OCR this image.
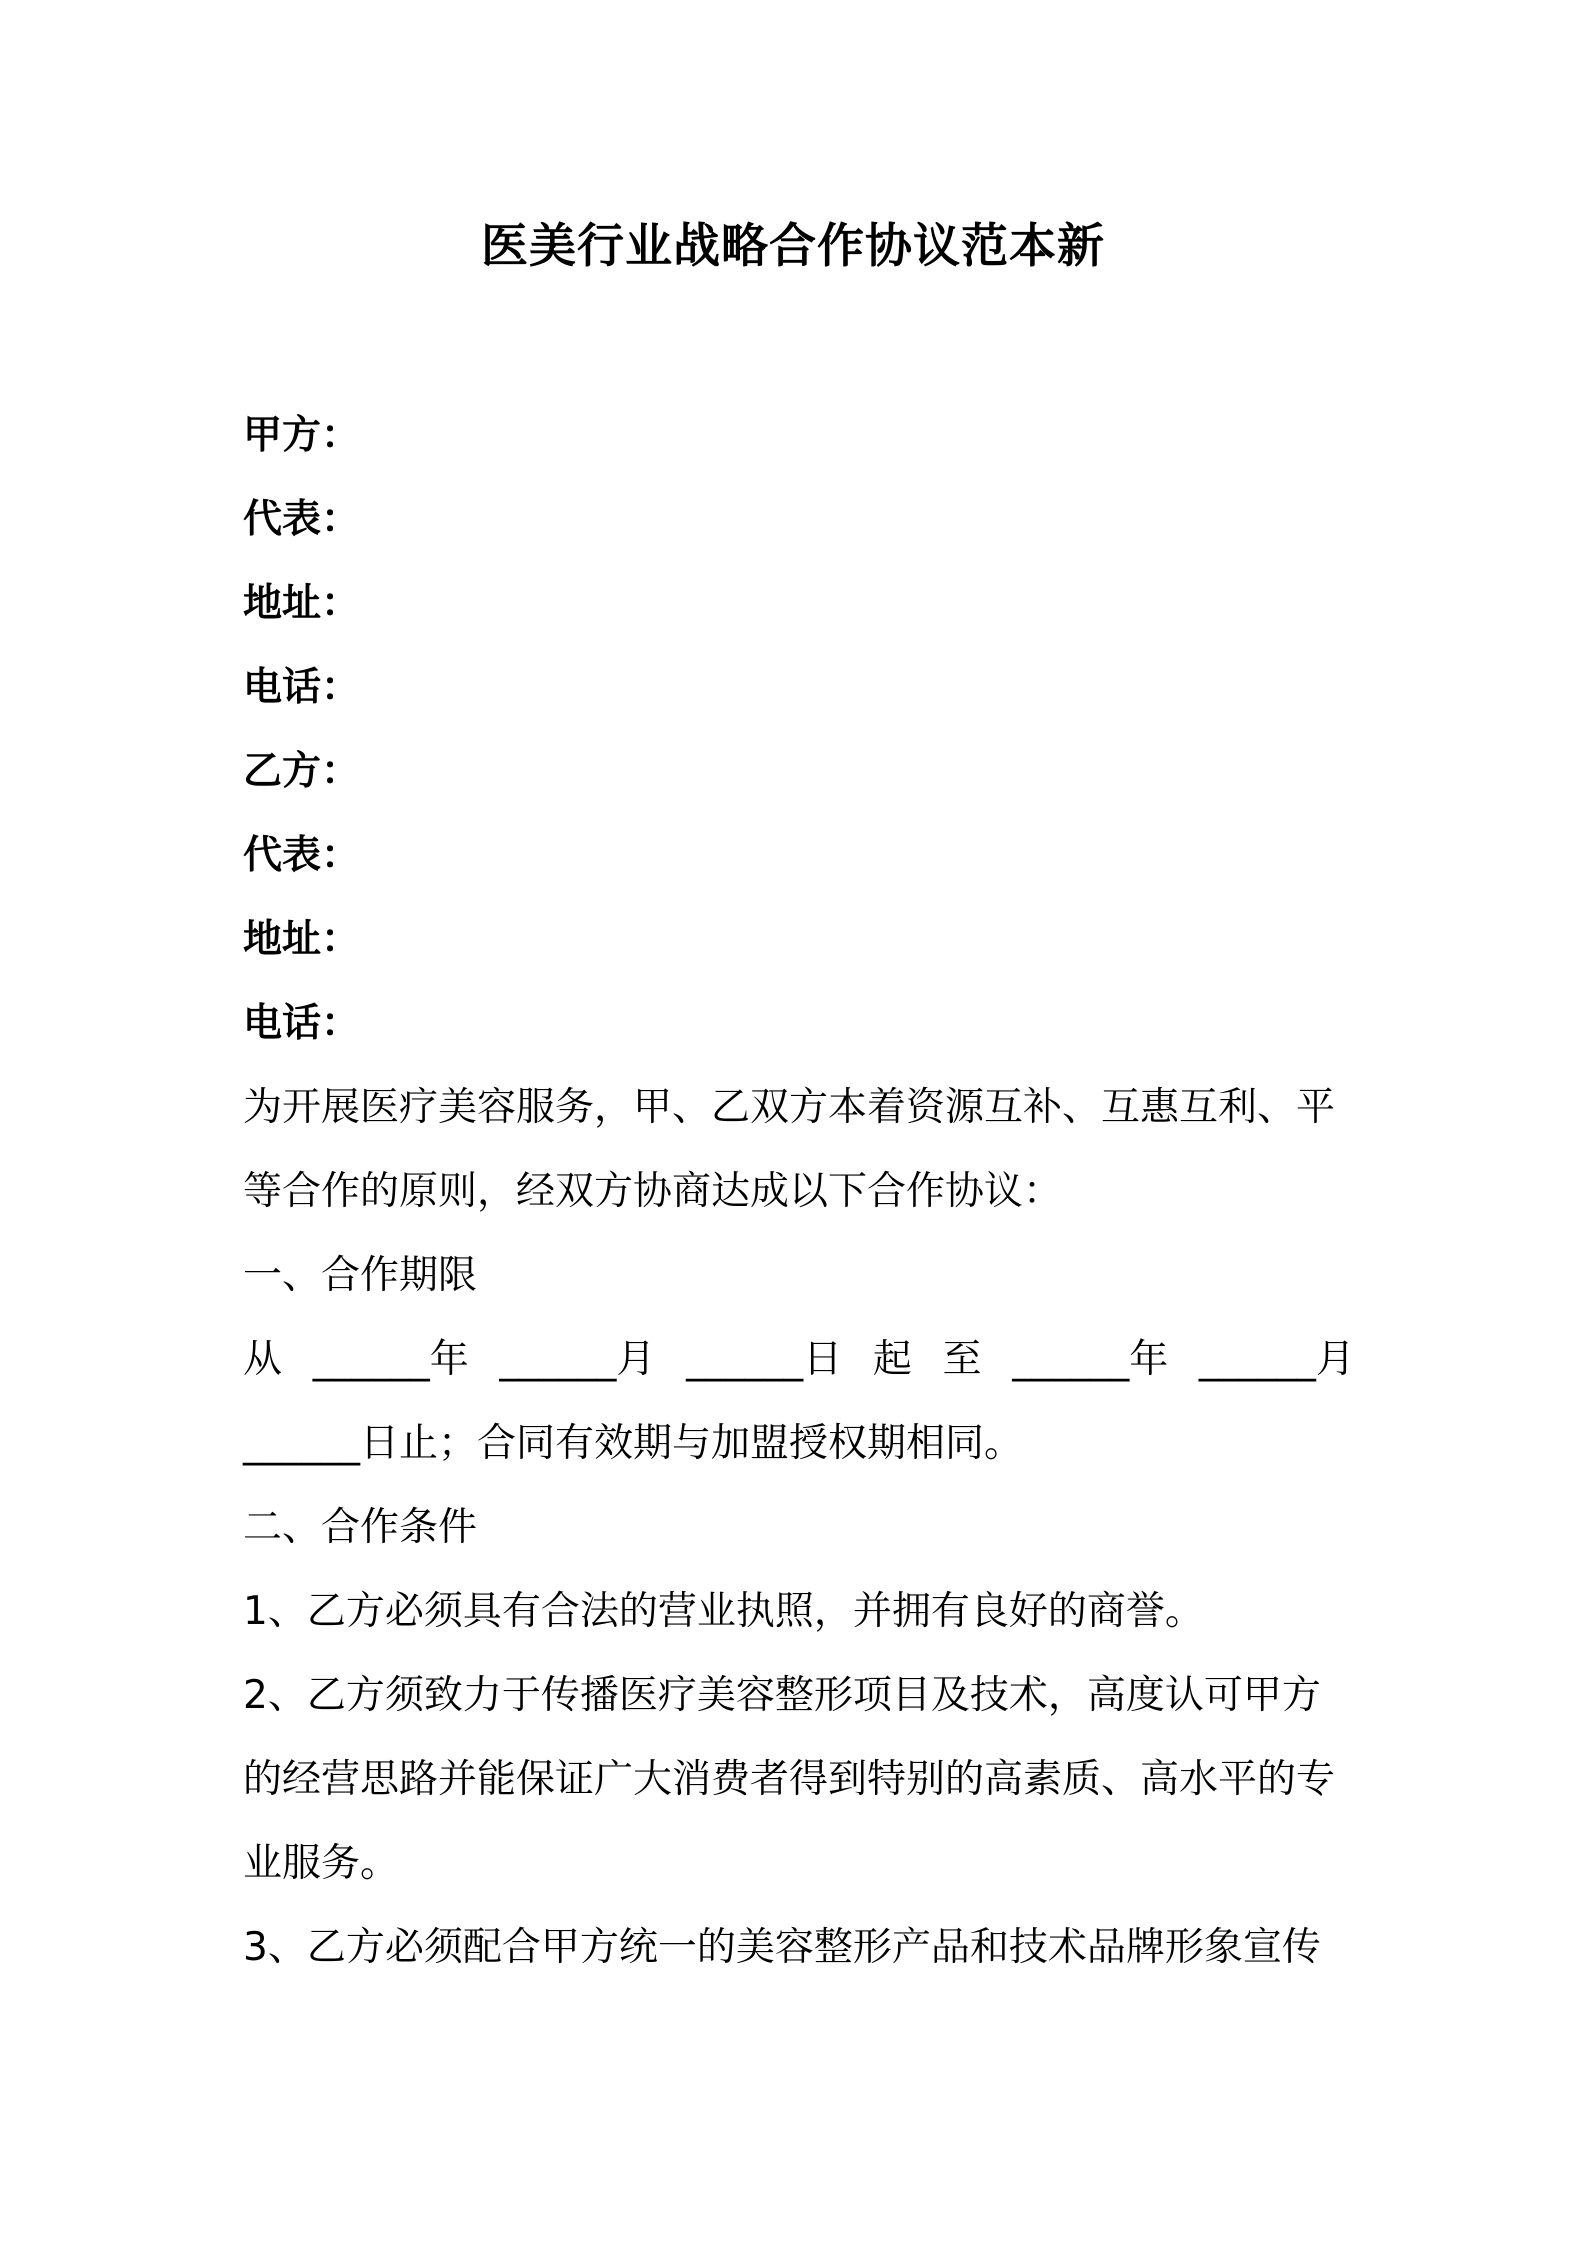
医美行业战略合作协议范本新
甲方：
代表：
地址：
电话：
乙方：
代表：
地址：
电话：
为开展医疗美容服务，甲、乙双方本着资源互补、互惠互利、平
等合作的原则，经双方协商达成以下合作协议：
一、合作期限
从 ______年 ______月 ______日 起 至 ______年 ______月
______日止；合同有效期与加盟授权期相同。
二、合作条件
1、乙方必须具有合法的营业执照，并拥有良好的商誉。
2、乙方须致力于传播医疗美容整形项目及技术，高度认可甲方
的经营思路并能保证广大消费者得到特别的高素质、高水平的专
业服务。
3、乙方必须配合甲方统一的美容整形产品和技术品牌形象宣传
